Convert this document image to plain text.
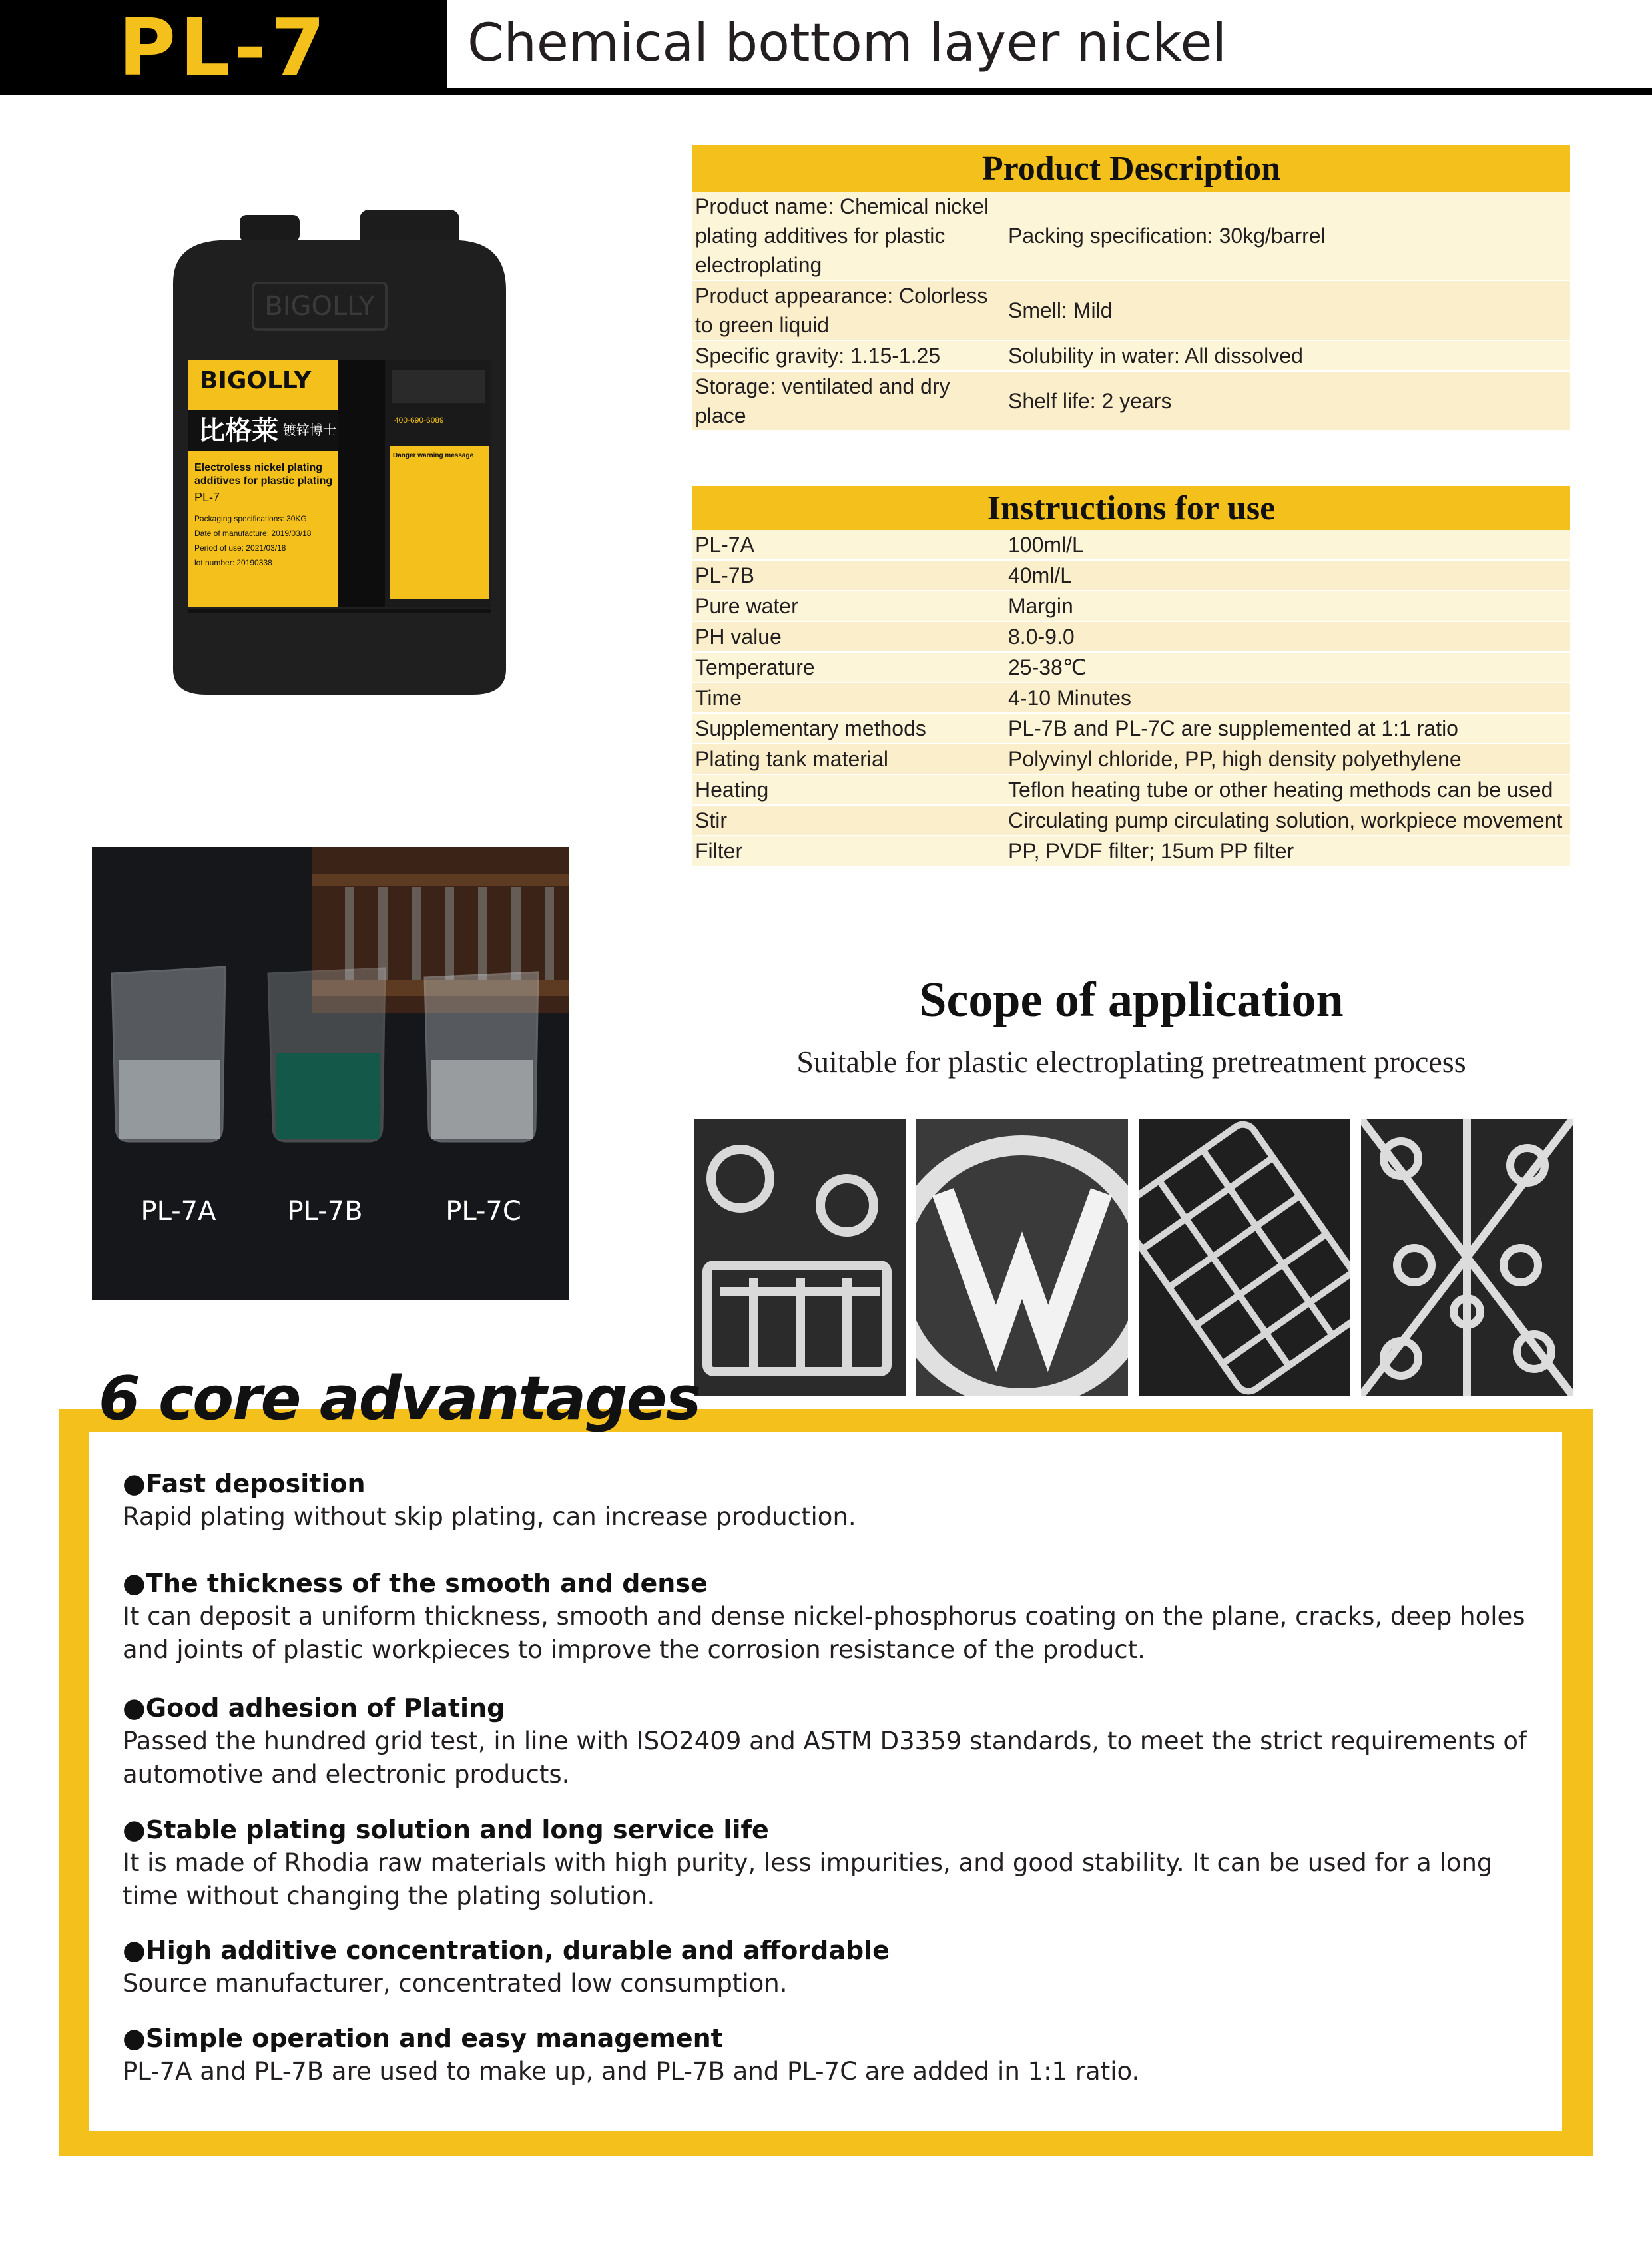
PL-7	Chemical bottom layer nickel
BIGOLLY
BIGOLLY
比格莱 镀锌博士
Electroless nickel plating
additives for plastic plating
PL-7
Packaging specifications: 30KG
Date of manufacture: 2019/03/18
Period of use: 2021/03/18
lot number: 20190338
400-690-6089
Danger warning message
PL-7A	PL-7B	PL-7C
Product Description
Product name: Chemical nickel plating additives for plastic electroplating	Packing specification: 30kg/barrel
Product appearance: Colorless to green liquid	Smell: Mild
Specific gravity: 1.15-1.25	Solubility in water: All dissolved
Storage: ventilated and dry place	Shelf life: 2 years
Instructions for use
PL-7A	100ml/L
PL-7B	40ml/L
Pure water	Margin
PH value	8.0-9.0
Temperature	25-38℃
Time	4-10 Minutes
Supplementary methods	PL-7B and PL-7C are supplemented at 1:1 ratio
Plating tank material	Polyvinyl chloride, PP, high density polyethylene
Heating	Teflon heating tube or other heating methods can be used
Stir	Circulating pump circulating solution, workpiece movement
Filter	PP, PVDF filter; 15um PP filter
Scope of application
Suitable for plastic electroplating pretreatment process
6 core advantages
●Fast deposition
Rapid plating without skip plating, can increase production.
●The thickness of the smooth and dense
It can deposit a uniform thickness, smooth and dense nickel-phosphorus coating on the plane, cracks, deep holes and joints of plastic workpieces to improve the corrosion resistance of the product.
●Good adhesion of Plating
Passed the hundred grid test, in line with ISO2409 and ASTM D3359 standards, to meet the strict requirements of automotive and electronic products.
●Stable plating solution and long service life
It is made of Rhodia raw materials with high purity, less impurities, and good stability. It can be used for a long time without changing the plating solution.
●High additive concentration, durable and affordable
Source manufacturer, concentrated low consumption.
●Simple operation and easy management
PL-7A and PL-7B are used to make up, and PL-7B and PL-7C are added in 1:1 ratio.
